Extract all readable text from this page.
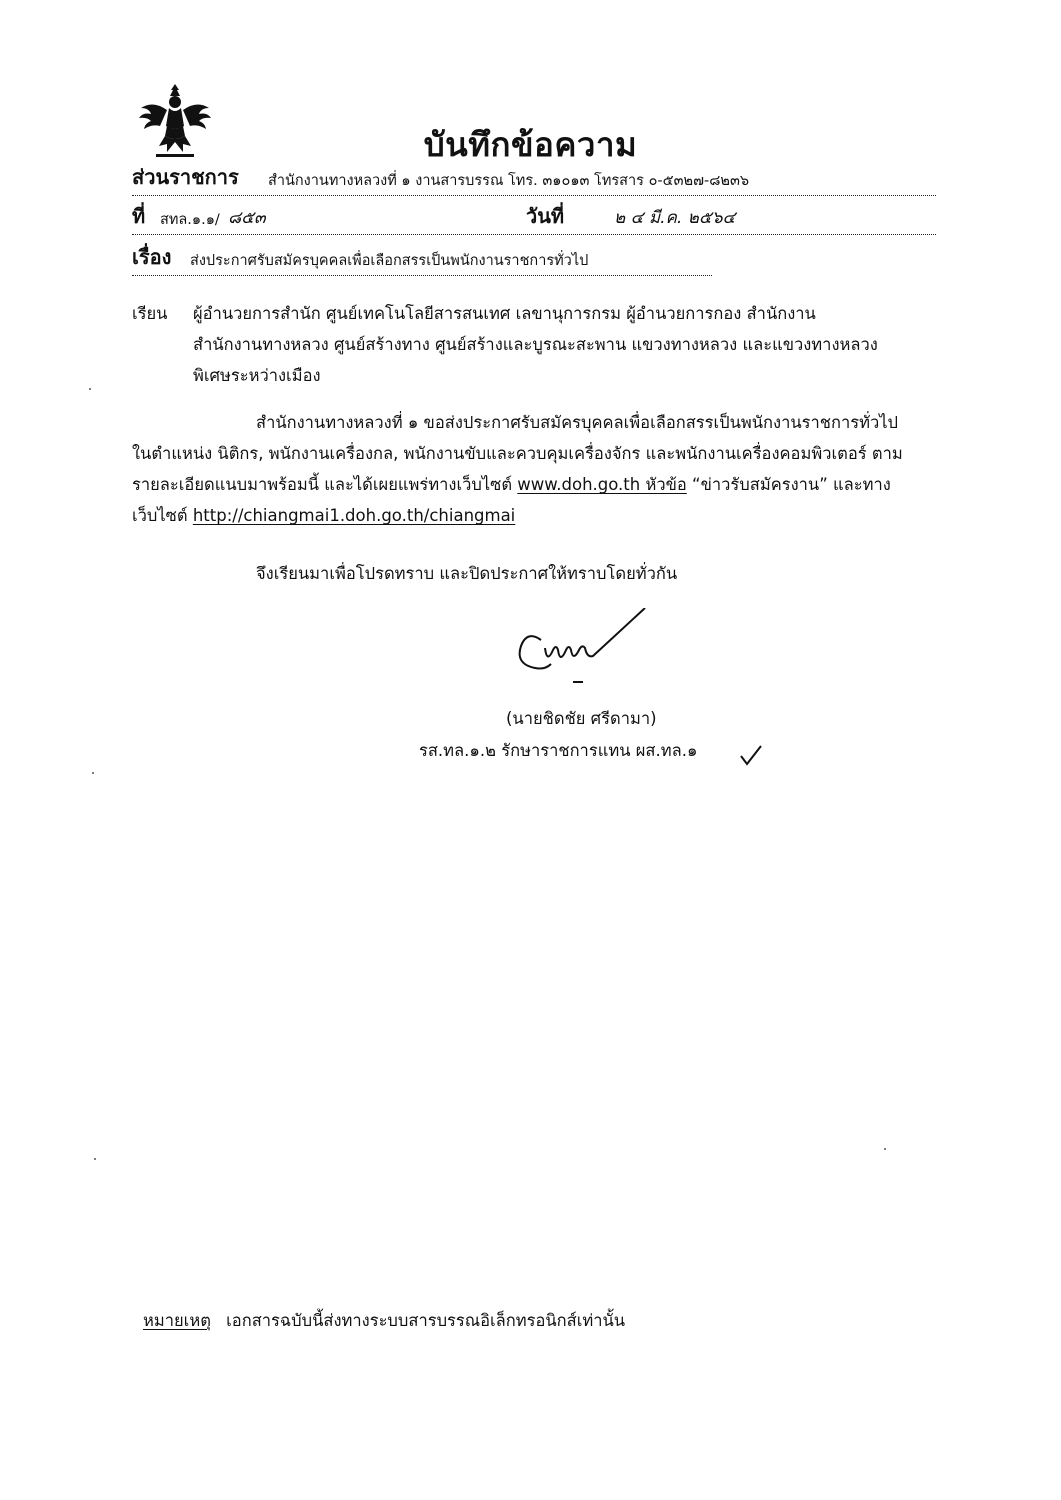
บันทึกข้อความ
ส่วนราชการ สำนักงานทางหลวงที่ ๑ งานสารบรรณ โทร. ๓๑๐๑๓ โทรสาร ๐-๕๓๒๗-๘๒๓๖
ที่ สทล.๑.๑/ ๘๕๓	วันที่	๒ ๔ มี.ค. ๒๕๖๔
เรื่อง ส่งประกาศรับสมัครบุคคลเพื่อเลือกสรรเป็นพนักงานราชการทั่วไป
เรียน ผู้อำนวยการสำนัก ศูนย์เทคโนโลยีสารสนเทศ เลขานุการกรม ผู้อำนวยการกอง สำนักงาน
สำนักงานทางหลวง ศูนย์สร้างทาง ศูนย์สร้างและบูรณะสะพาน แขวงทางหลวง และแขวงทางหลวง
พิเศษระหว่างเมือง
สำนักงานทางหลวงที่ ๑ ขอส่งประกาศรับสมัครบุคคลเพื่อเลือกสรรเป็นพนักงานราชการทั่วไป
ในตำแหน่ง นิติกร, พนักงานเครื่องกล, พนักงานขับและควบคุมเครื่องจักร และพนักงานเครื่องคอมพิวเตอร์ ตาม
รายละเอียดแนบมาพร้อมนี้ และได้เผยแพร่ทางเว็บไซต์ www.doh.go.th หัวข้อ “ข่าวรับสมัครงาน” และทาง
เว็บไซต์ http://chiangmai1.doh.go.th/chiangmai
จึงเรียนมาเพื่อโปรดทราบ และปิดประกาศให้ทราบโดยทั่วกัน
(นายชิดชัย ศรีดามา)
รส.ทล.๑.๒ รักษาราชการแทน ผส.ทล.๑
หมายเหตุ เอกสารฉบับนี้ส่งทางระบบสารบรรณอิเล็กทรอนิกส์เท่านั้น
